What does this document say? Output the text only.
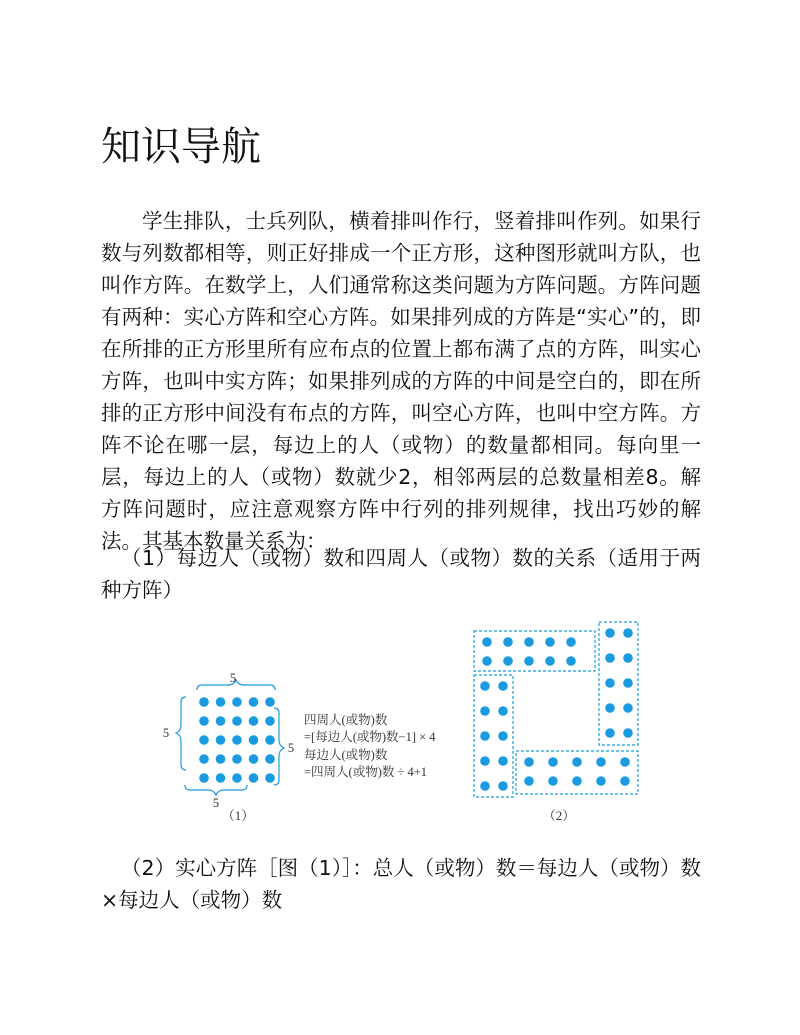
知识导航

学生排队，士兵列队，横着排叫作行，竖着排叫作列。如果行数与列数都相等，则正好排成一个正方形，这种图形就叫方队，也叫作方阵。在数学上，人们通常称这类问题为方阵问题。方阵问题有两种：实心方阵和空心方阵。如果排列成的方阵是“实心”的，即在所排的正方形里所有应布点的位置上都布满了点的方阵，叫实心方阵，也叫中实方阵；如果排列成的方阵的中间是空白的，即在所排的正方形中间没有布点的方阵，叫空心方阵，也叫中空方阵。方阵不论在哪一层，每边上的人（或物）的数量都相同。每向里一层，每边上的人（或物）数就少2，相邻两层的总数量相差8。解方阵问题时，应注意观察方阵中行列的排列规律，找出巧妙的解法。其基本数量关系为：

（1）每边人（或物）数和四周人（或物）数的关系（适用于两种方阵）

5
5
5
5
四周人(或物)数
=[每边人(或物)数−1] × 4
每边人(或物)数
=四周人(或物)数 ÷ 4+1
（1）	（2）

（2）实心方阵［图（1）］：总人（或物）数＝每边人（或物）数×每边人（或物）数
